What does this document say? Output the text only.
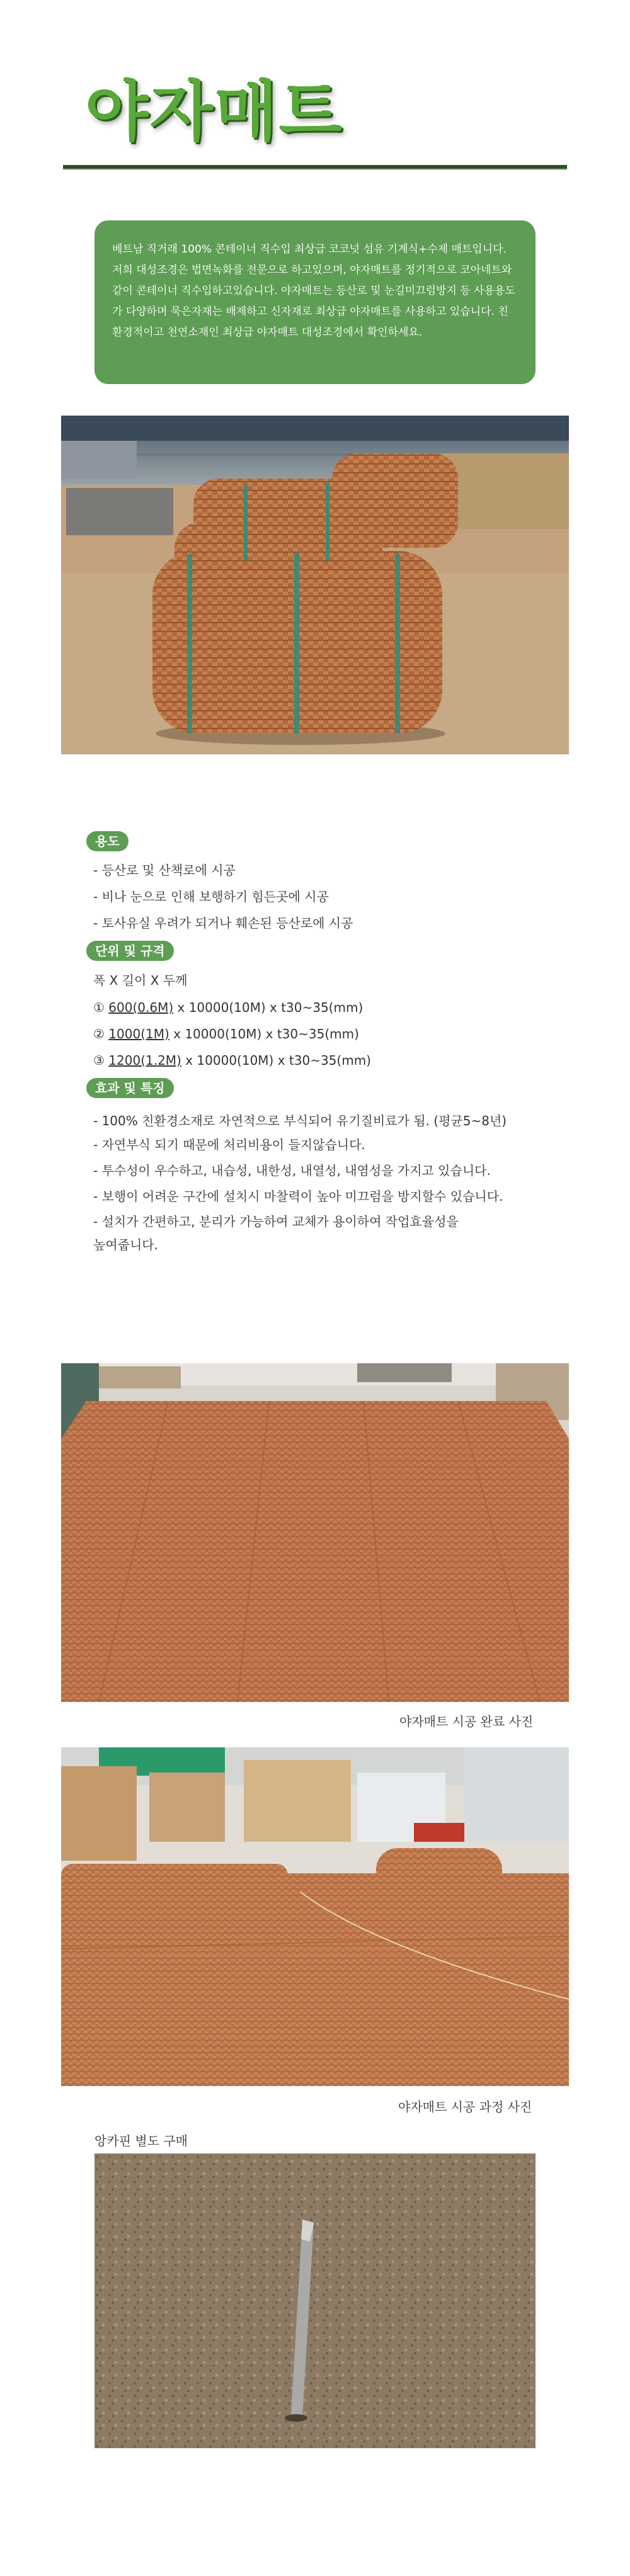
야자매트

베트남 직거래 100% 콘테이너 직수입 최상급 코코넛 섬유 기계식+수제 매트입니다. 저희 대성조경은 법면녹화를 전문으로 하고있으며, 야자매트를 정기적으로 코아네트와 같이 콘테이너 직수입하고있습니다. 야자매트는 등산로 및 눈길미끄럼방지 등 사용용도가 다양하며 묵은자재는 배제하고 신자재로 최상급 야자매트를 사용하고 있습니다. 친환경적이고 천연소재인 최상급 야자매트 대성조경에서 확인하세요.

용도
- 등산로 및 산책로에 시공
- 비나 눈으로 인해 보행하기 힘든곳에 시공
- 토사유실 우려가 되거나 훼손된 등산로에 시공
단위 및 규격
폭 X 길이 X 두께
① 600(0.6M) x 10000(10M) x t30~35(mm)
② 1000(1M) x 10000(10M) x t30~35(mm)
③ 1200(1.2M) x 10000(10M) x t30~35(mm)
효과 및 특징
- 100% 친환경소재로 자연적으로 부식되어 유기질비료가 됨. (평균5~8년)
- 자연부식 되기 때문에 처리비용이 들지않습니다.
- 투수성이 우수하고, 내습성, 내한성, 내열성, 내염성을 가지고 있습니다.
- 보행이 어려운 구간에 설치시 마찰력이 높아 미끄럼을 방지할수 있습니다.
- 설치가 간편하고, 분리가 가능하여 교체가 용이하여 작업효율성을
높여줍니다.
야자매트 시공 완료 사진
야자매트 시공 과정 사진
앙카핀 별도 구매
